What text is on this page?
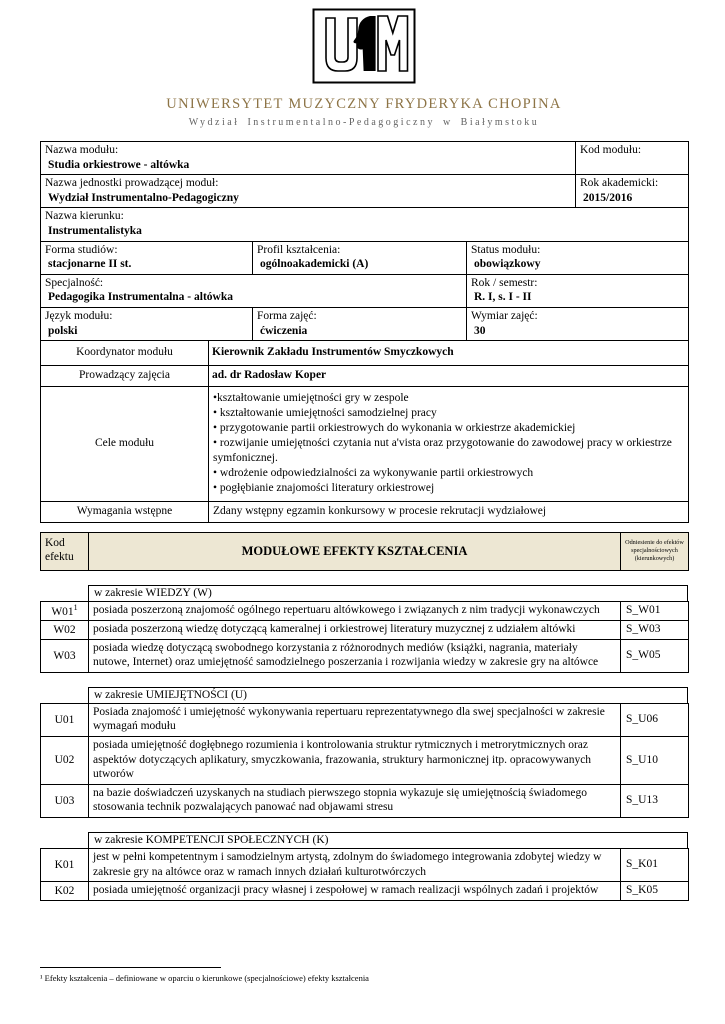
UNIWERSYTET MUZYCZNY FRYDERYKA CHOPINA
Wydział Instrumentalno-Pedagogiczny w Białymstoku
Nazwa modułu:
Studia orkiestrowe - altówka				Kod modułu:

Nazwa jednostki prowadzącej moduł:
Wydział Instrumentalno-Pedagogiczny

Rok akademicki:
2015/2016

Nazwa kierunku:
Instrumentalistyka				

Forma studiów:
stacjonarne II st.

Profil kształcenia:
ogólnoakademicki (A)

Status modułu:
obowiązkowy

Specjalność:
Pedagogika Instrumentalna - altówka

Rok / semestr:
R. I, s. I - II

Język modułu:
polski

Forma zajęć:
ćwiczenia

Wymiar zajęć:
30

Koordynator modułu	Kierownik Zakładu Instrumentów Smyczkowych			
Prowadzący zajęcia	ad. dr Radosław Koper			
Cele modułu	
•kształtowanie umiejętności gry w zespole
• kształtowanie umiejętności samodzielnej pracy
• przygotowanie partii orkiestrowych do wykonania w orkiestrze akademickiej
• rozwijanie umiejętności czytania nut a'vista oraz przygotowanie do zawodowej pracy w orkiestrze symfonicznej.
• wdrożenie odpowiedzialności za wykonywanie partii orkiestrowych
• pogłębianie znajomości literatury orkiestrowej

Wymagania wstępne	Zdany wstępny egzamin konkursowy w procesie rekrutacji wydziałowej			
Kod efektu	MODUŁOWE EFEKTY KSZTAŁCENIA	Odniesienie do efektów specjalnościowych (kierunkowych)
w zakresie WIEDZY (W)
$W01^1$	posiada poszerzoną znajomość ogólnego repertuaru altówkowego i związanych z nim tradycji wykonawczych	S_W01
W02	posiada poszerzoną wiedzę dotyczącą kameralnej i orkiestrowej literatury muzycznej z udziałem altówki	S_W03
W03	posiada wiedzę dotyczącą swobodnego korzystania z różnorodnych mediów (książki, nagrania, materiały nutowe, Internet) oraz umiejętność samodzielnego poszerzania i rozwijania wiedzy w zakresie gry na altówce	S_W05
w zakresie UMIEJĘTNOŚCI (U)
U01	Posiada znajomość i umiejętność wykonywania repertuaru reprezentatywnego dla swej specjalności w zakresie wymagań modułu	S_U06
U02	posiada umiejętność dogłębnego rozumienia i kontrolowania struktur rytmicznych i metrorytmicznych oraz aspektów dotyczących aplikatury, smyczkowania, frazowania, struktury harmonicznej itp. opracowywanych utworów	S_U10
U03	na bazie doświadczeń uzyskanych na studiach pierwszego stopnia wykazuje się umiejętnością świadomego stosowania technik pozwalających panować nad objawami stresu	S_U13
w zakresie KOMPETENCJI SPOŁECZNYCH (K)
K01	jest w pełni kompetentnym i samodzielnym artystą, zdolnym do świadomego integrowania zdobytej wiedzy w zakresie gry na altówce oraz w ramach innych działań kulturotwórczych	S_K01
K02	posiada umiejętność organizacji pracy własnej i zespołowej w ramach realizacji wspólnych zadań i projektów	S_K05
¹ Efekty kształcenia – definiowane w oparciu o kierunkowe (specjalnościowe) efekty kształcenia
